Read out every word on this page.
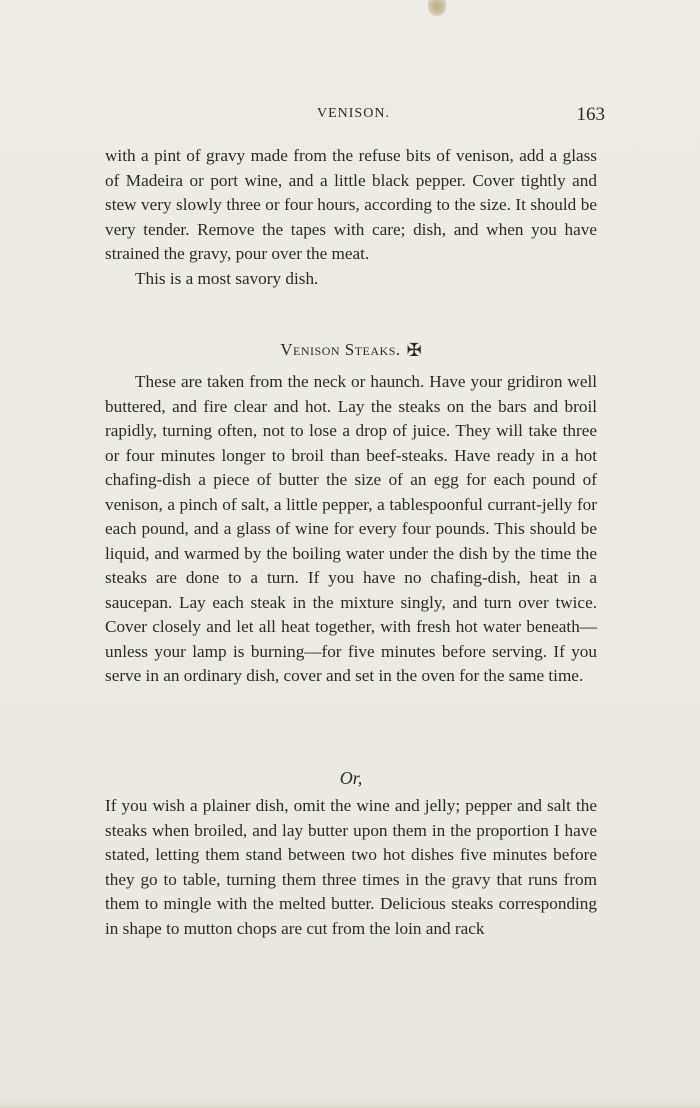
VENISON.	163

with a pint of gravy made from the refuse bits of venison, add a glass of Madeira or port wine, and a little black pepper. Cover tightly and stew very slowly three or four hours, according to the size. It should be very tender. Remove the tapes with care; dish, and when you have strained the gravy, pour over the meat.

This is a most savory dish.

Venison Steaks. ✠

These are taken from the neck or haunch. Have your gridiron well buttered, and fire clear and hot. Lay the steaks on the bars and broil rapidly, turning often, not to lose a drop of juice. They will take three or four minutes longer to broil than beef-steaks. Have ready in a hot chafing-dish a piece of butter the size of an egg for each pound of venison, a pinch of salt, a little pepper, a tablespoonful currant-jelly for each pound, and a glass of wine for every four pounds. This should be liquid, and warmed by the boiling water under the dish by the time the steaks are done to a turn. If you have no chafing-dish, heat in a saucepan. Lay each steak in the mixture singly, and turn over twice. Cover closely and let all heat together, with fresh hot water beneath—unless your lamp is burning—for five minutes before serving. If you serve in an ordinary dish, cover and set in the oven for the same time.

Or,

If you wish a plainer dish, omit the wine and jelly; pepper and salt the steaks when broiled, and lay butter upon them in the proportion I have stated, letting them stand between two hot dishes five minutes before they go to table, turning them three times in the gravy that runs from them to mingle with the melted butter. Delicious steaks corresponding in shape to mutton chops are cut from the loin and rack
